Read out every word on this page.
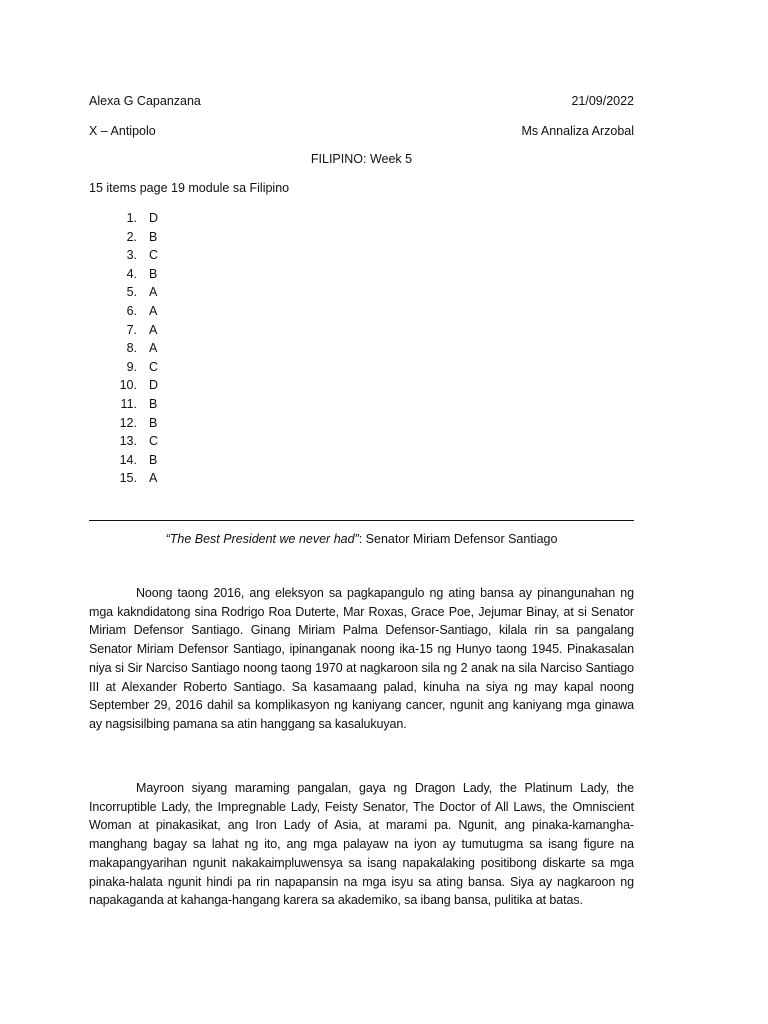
Alexa G Capanzana	21/09/2022
X – Antipolo	Ms Annaliza Arzobal
FILIPINO: Week 5
15 items page 19 module sa Filipino
1. D
2. B
3. C
4. B
5. A
6. A
7. A
8. A
9. C
10. D
11. B
12. B
13. C
14. B
15. A
“The Best President we never had”: Senator Miriam Defensor Santiago

Noong taong 2016, ang eleksyon sa pagkapangulo ng ating bansa ay pinangunahan ng mga kakndidatong sina Rodrigo Roa Duterte, Mar Roxas, Grace Poe, Jejumar Binay, at si Senator Miriam Defensor Santiago. Ginang Miriam Palma Defensor-Santiago, kilala rin sa pangalang Senator Miriam Defensor Santiago, ipinanganak noong ika-15 ng Hunyo taong 1945. Pinakasalan niya si Sir Narciso Santiago noong taong 1970 at nagkaroon sila ng 2 anak na sila Narciso Santiago III at Alexander Roberto Santiago. Sa kasamaang palad, kinuha na siya ng may kapal noong September 29, 2016 dahil sa komplikasyon ng kaniyang cancer, ngunit ang kaniyang mga ginawa ay nagsisilbing pamana sa atin hanggang sa kasalukuyan.

Mayroon siyang maraming pangalan, gaya ng Dragon Lady, the Platinum Lady, the Incorruptible Lady, the Impregnable Lady, Feisty Senator, The Doctor of All Laws, the Omniscient Woman at pinakasikat, ang Iron Lady of Asia, at marami pa. Ngunit, ang pinaka-kamangha-manghang bagay sa lahat ng ito, ang mga palayaw na iyon ay tumutugma sa isang figure na makapangyarihan ngunit nakakaimpluwensya sa isang napakalaking positibong diskarte sa mga pinaka-halata ngunit hindi pa rin napapansin na mga isyu sa ating bansa. Siya ay nagkaroon ng napakaganda at kahanga-hangang karera sa akademiko, sa ibang bansa, pulitika at batas.
